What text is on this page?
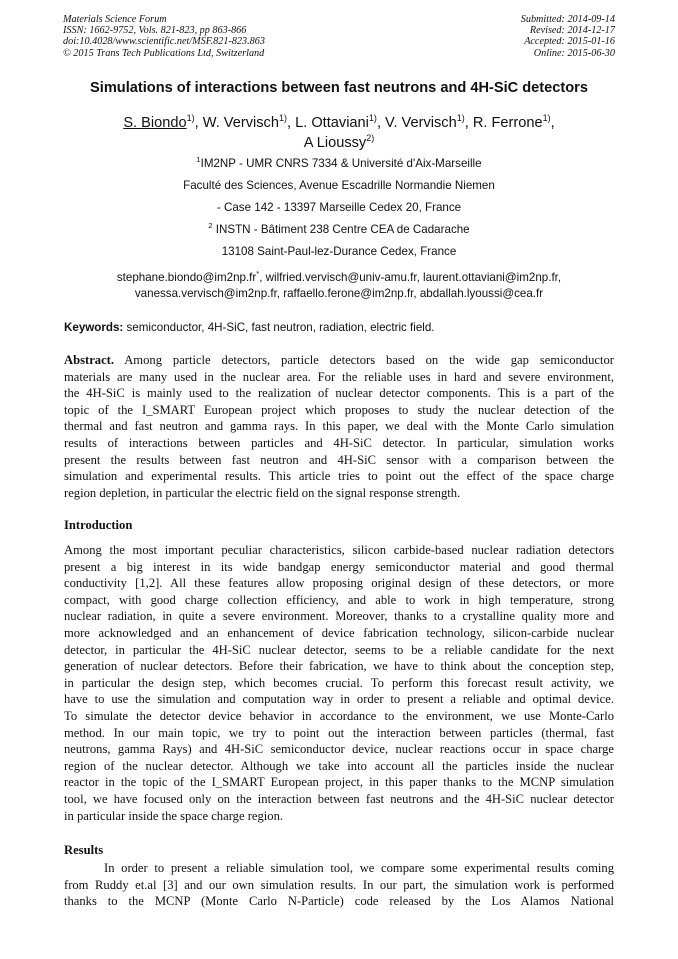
Materials Science Forum
ISSN: 1662-9752, Vols. 821-823, pp 863-866
doi:10.4028/www.scientific.net/MSF.821-823.863
© 2015 Trans Tech Publications Ltd, Switzerland
Submitted: 2014-09-14
Revised: 2014-12-17
Accepted: 2015-01-16
Online: 2015-06-30
Simulations of interactions between fast neutrons and 4H-SiC detectors
S. Biondo$^{1)}$, W. Vervisch$^{1)}$, L. Ottaviani$^{1)}$, V. Vervisch$^{1)}$, R. Ferrone$^{1)}$,
A Lioussy$^{2)}$
$^1$IM2NP - UMR CNRS 7334 & Université d'Aix-Marseille
Faculté des Sciences, Avenue Escadrille Normandie Niemen
- Case 142 - 13397 Marseille Cedex 20, France
$^2$ INSTN - Bâtiment 238 Centre CEA de Cadarache
13108 Saint-Paul-lez-Durance Cedex, France
stephane.biondo@im2np.fr*, wilfried.vervisch@univ-amu.fr, laurent.ottaviani@im2np.fr,
vanessa.vervisch@im2np.fr, raffaello.ferone@im2np.fr, abdallah.lyoussi@cea.fr
Keywords: semiconductor, 4H-SiC, fast neutron, radiation, electric field.
Abstract. Among particle detectors, particle detectors based on the wide gap semiconductor
materials are many used in the nuclear area. For the reliable uses in hard and severe environment,
the 4H-SiC is mainly used to the realization of nuclear detector components. This is a part of the
topic of the I_SMART European project which proposes to study the nuclear detection of the
thermal and fast neutron and gamma rays. In this paper, we deal with the Monte Carlo simulation
results of interactions between particles and 4H-SiC detector. In particular, simulation works
present the results between fast neutron and 4H-SiC sensor with a comparison between the
simulation and experimental results. This article tries to point out the effect of the space charge
region depletion, in particular the electric field on the signal response strength.
Introduction
Among the most important peculiar characteristics, silicon carbide-based nuclear radiation detectors
present a big interest in its wide bandgap energy semiconductor material and good thermal
conductivity [1,2]. All these features allow proposing original design of these detectors, or more
compact, with good charge collection efficiency, and able to work in high temperature, strong
nuclear radiation, in quite a severe environment. Moreover, thanks to a crystalline quality more and
more acknowledged and an enhancement of device fabrication technology, silicon-carbide nuclear
detector, in particular the 4H-SiC nuclear detector, seems to be a reliable candidate for the next
generation of nuclear detectors. Before their fabrication, we have to think about the conception step,
in particular the design step, which becomes crucial. To perform this forecast result activity, we
have to use the simulation and computation way in order to present a reliable and optimal device.
To simulate the detector device behavior in accordance to the environment, we use Monte-Carlo
method. In our main topic, we try to point out the interaction between particles (thermal, fast
neutrons, gamma Rays) and 4H-SiC semiconductor device, nuclear reactions occur in space charge
region of the nuclear detector. Although we take into account all the particles inside the nuclear
reactor in the topic of the I_SMART European project, in this paper thanks to the MCNP simulation
tool, we have focused only on the interaction between fast neutrons and the 4H-SiC nuclear detector
in particular inside the space charge region.
Results
In order to present a reliable simulation tool, we compare some experimental results coming
from Ruddy et.al [3] and our own simulation results. In our part, the simulation work is performed
thanks to the MCNP (Monte Carlo N-Particle) code released by the Los Alamos National
